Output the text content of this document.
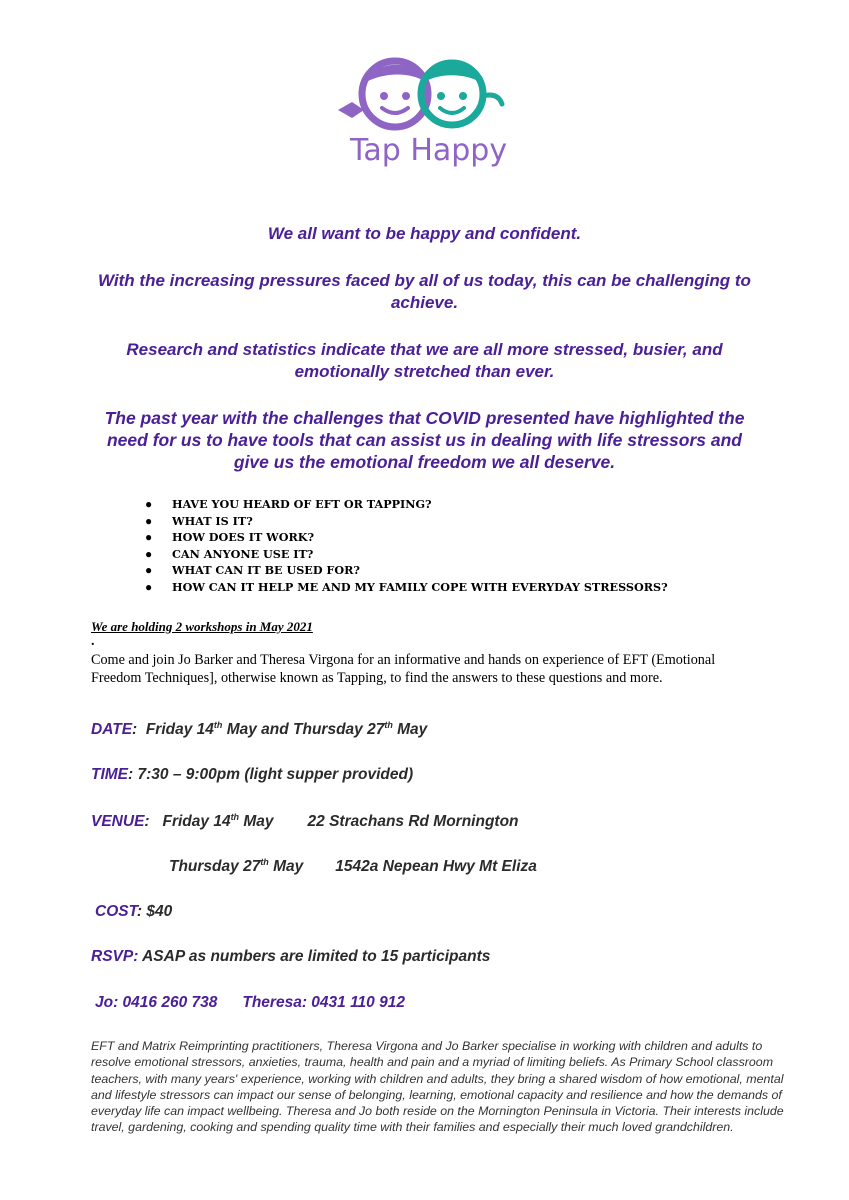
Tap Happy

We all want to be happy and confident.

With the increasing pressures faced by all of us today, this can be challenging to achieve.

Research and statistics indicate that we are all more stressed, busier, and emotionally stretched than ever.

The past year with the challenges that COVID presented have highlighted the need for us to have tools that can assist us in dealing with life stressors and give us the emotional freedom we all deserve.

● HAVE YOU HEARD OF EFT OR TAPPING?
● WHAT IS IT?
● HOW DOES IT WORK?
● CAN ANYONE USE IT?
● WHAT CAN IT BE USED FOR?
● HOW CAN IT HELP ME AND MY FAMILY COPE WITH EVERYDAY STRESSORS?

We are holding 2 workshops in May 2021

.

Come and join Jo Barker and Theresa Virgona for an informative and hands on experience of EFT (Emotional Freedom Techniques], otherwise known as Tapping, to find the answers to these questions and more.

DATE:  Friday 14th May and Thursday 27th May

TIME: 7:30 – 9:00pm (light supper provided)

VENUE:   Friday 14th May 22 Strachans Rd Mornington

Thursday 27th May 1542a Nepean Hwy Mt Eliza

COST: $40

RSVP: ASAP as numbers are limited to 15 participants

Jo: 0416 260 738 Theresa: 0431 110 912

EFT and Matrix Reimprinting practitioners, Theresa Virgona and Jo Barker specialise in working with children and adults to resolve emotional stressors, anxieties, trauma, health and pain and a myriad of limiting beliefs. As Primary School classroom teachers, with many years' experience, working with children and adults, they bring a shared wisdom of how emotional, mental and lifestyle stressors can impact our sense of belonging, learning, emotional capacity and resilience and how the demands of everyday life can impact wellbeing. Theresa and Jo both reside on the Mornington Peninsula in Victoria. Their interests include travel, gardening, cooking and spending quality time with their families and especially their much loved grandchildren.
